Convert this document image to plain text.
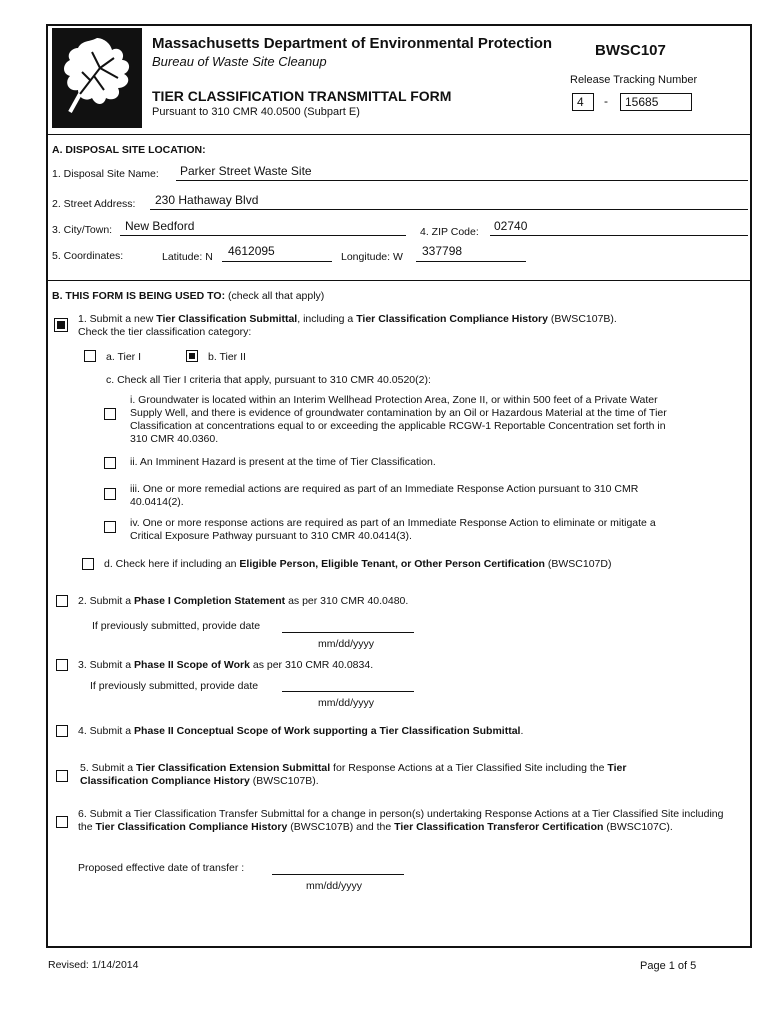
Massachusetts Department of Environmental Protection
Bureau of Waste Site Cleanup
BWSC107
Release Tracking Number
4	-	15685
TIER CLASSIFICATION TRANSMITTAL FORM
Pursuant to 310 CMR 40.0500 (Subpart E)
A. DISPOSAL SITE LOCATION:
1. Disposal Site Name: Parker Street Waste Site
2. Street Address: 230 Hathaway Blvd
3. City/Town: New Bedford	4. ZIP Code: 02740
5. Coordinates:	Latitude: N 4612095	Longitude: W 337798
B. THIS FORM IS BEING USED TO: (check all that apply)
1. Submit a new Tier Classification Submittal, including a Tier Classification Compliance History (BWSC107B).
Check the tier classification category:
a. Tier I	b. Tier II
c. Check all Tier I criteria that apply, pursuant to 310 CMR 40.0520(2):
i. Groundwater is located within an Interim Wellhead Protection Area, Zone II, or within 500 feet of a Private Water Supply Well, and there is evidence of groundwater contamination by an Oil or Hazardous Material at the time of Tier Classification at concentrations equal to or exceeding the applicable RCGW-1 Reportable Concentration set forth in 310 CMR 40.0360.
ii. An Imminent Hazard is present at the time of Tier Classification.
iii. One or more remedial actions are required as part of an Immediate Response Action pursuant to 310 CMR 40.0414(2).
iv. One or more response actions are required as part of an Immediate Response Action to eliminate or mitigate a Critical Exposure Pathway pursuant to 310 CMR 40.0414(3).
d. Check here if including an Eligible Person, Eligible Tenant, or Other Person Certification (BWSC107D)
2. Submit a Phase I Completion Statement as per 310 CMR 40.0480.
If previously submitted, provide date
mm/dd/yyyy
3. Submit a Phase II Scope of Work as per 310 CMR 40.0834.
If previously submitted, provide date
mm/dd/yyyy
4. Submit a Phase II Conceptual Scope of Work supporting a Tier Classification Submittal.
5. Submit a Tier Classification Extension Submittal for Response Actions at a Tier Classified Site including the Tier Classification Compliance History (BWSC107B).
6. Submit a Tier Classification Transfer Submittal for a change in person(s) undertaking Response Actions at a Tier Classified Site including the Tier Classification Compliance History (BWSC107B) and the Tier Classification Transferor Certification (BWSC107C).
Proposed effective date of transfer :
mm/dd/yyyy
Revised: 1/14/2014	Page 1 of 5
